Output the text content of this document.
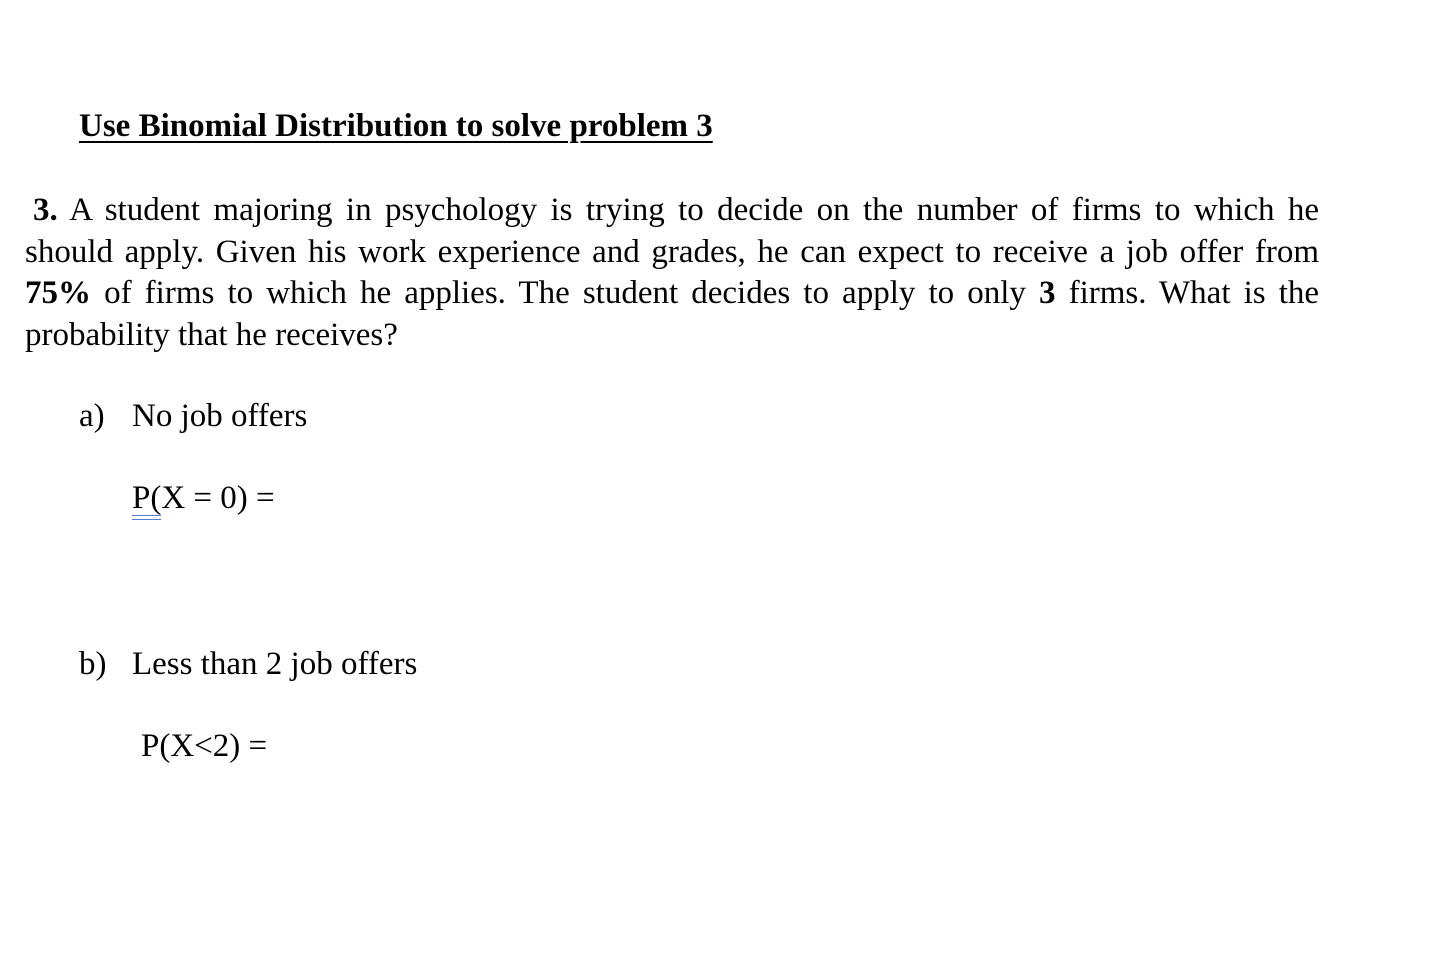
Use Binomial Distribution to solve problem 3

3. A student majoring in psychology is trying to decide on the number of firms to which he should apply. Given his work experience and grades, he can expect to receive a job offer from 75% of firms to which he applies. The student decides to apply to only 3 firms. What is the probability that he receives?

a) No job offers
P(
X = 0) =
b) Less than 2 job offers
P(X<2) =
